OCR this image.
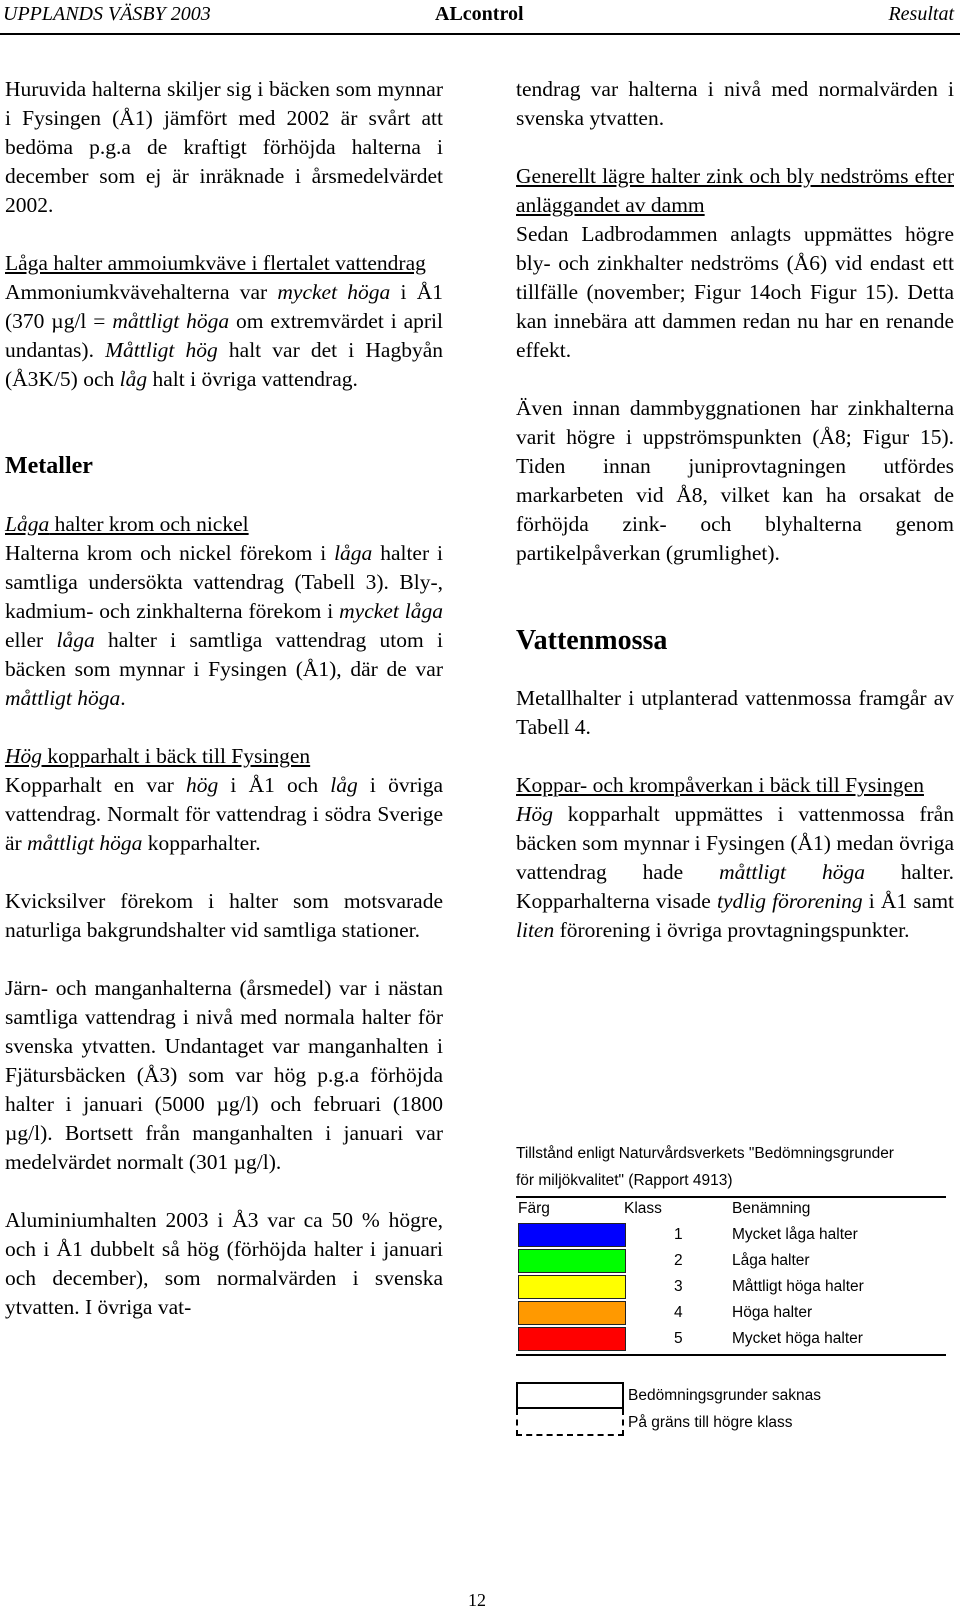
UPPLANDS VÄSBY 2003	ALcontrol	Resultat

Huruvida halterna skiljer sig i bäcken som mynnar i Fysingen (Å1) jämfört med 2002 är svårt att bedöma p.g.a de kraftigt förhöjda halterna i december som ej är inräknade i årsmedelvärdet 2002.

Låga halter ammoiumkväve i flertalet vattendrag
Ammoniumkvävehalterna var mycket höga i Å1 (370 µg/l = måttligt höga om extremvärdet i april undantas). Måttligt hög halt var det i Hagbyån (Å3K/5) och låg halt i övriga vattendrag.

Metaller

Låga halter krom och nickel
Halterna krom och nickel förekom i låga halter i samtliga undersökta vattendrag (Tabell 3). Bly-, kadmium- och zinkhalterna förekom i mycket låga eller låga halter i samtliga vattendrag utom i bäcken som mynnar i Fysingen (Å1), där de var måttligt höga.

Hög kopparhalt i bäck till Fysingen
Kopparhalt en var hög i Å1 och låg i övriga vattendrag. Normalt för vattendrag i södra Sverige är måttligt höga kopparhalter.

Kvicksilver förekom i halter som motsvarade naturliga bakgrundshalter vid samtliga stationer.

Järn- och manganhalterna (årsmedel) var i nästan samtliga vattendrag i nivå med normala halter för svenska ytvatten. Undantaget var manganhalten i Fjätursbäcken (Å3) som var hög p.g.a förhöjda halter i januari (5000 µg/l) och februari (1800 µg/l). Bortsett från manganhalten i januari var medelvärdet normalt (301 µg/l).

Aluminiumhalten 2003 i Å3 var ca 50 % högre, och i Å1 dubbelt så hög (förhöjda halter i januari och december), som normalvärden i svenska ytvatten. I övriga vat-

tendrag var halterna i nivå med normalvärden i svenska ytvatten.

Generellt lägre halter zink och bly nedströms efter anläggandet av damm
Sedan Ladbrodammen anlagts uppmättes högre bly- och zinkhalter nedströms (Å6) vid endast ett tillfälle (november; Figur 14och Figur 15). Detta kan innebära att dammen redan nu har en renande effekt.

Även innan dammbyggnationen har zinkhalterna varit högre i uppströmspunkten (Å8; Figur 15). Tiden innan juniprovtagningen utfördes markarbeten vid Å8, vilket kan ha orsakat de förhöjda zink- och blyhalterna genom partikelpåverkan (grumlighet).

Vattenmossa

Metallhalter i utplanterad vattenmossa framgår av Tabell 4.

Koppar- och krompåverkan i bäck till Fysingen
Hög kopparhalt uppmättes i vattenmossa från bäcken som mynnar i Fysingen (Å1) medan övriga vattendrag hade måttligt höga halter. Kopparhalterna visade tydlig förorening i Å1 samt liten förorening i övriga provtagningspunkter.

Tillstånd enligt Naturvårdsverkets "Bedömningsgrunder
för miljökvalitet" (Rapport 4913)
Färg	Klass	Benämning
1	Mycket låga halter
2	Låga halter
3	Måttligt höga halter
4	Höga halter
5	Mycket höga halter
Bedömningsgrunder saknas
På gräns till högre klass
12
